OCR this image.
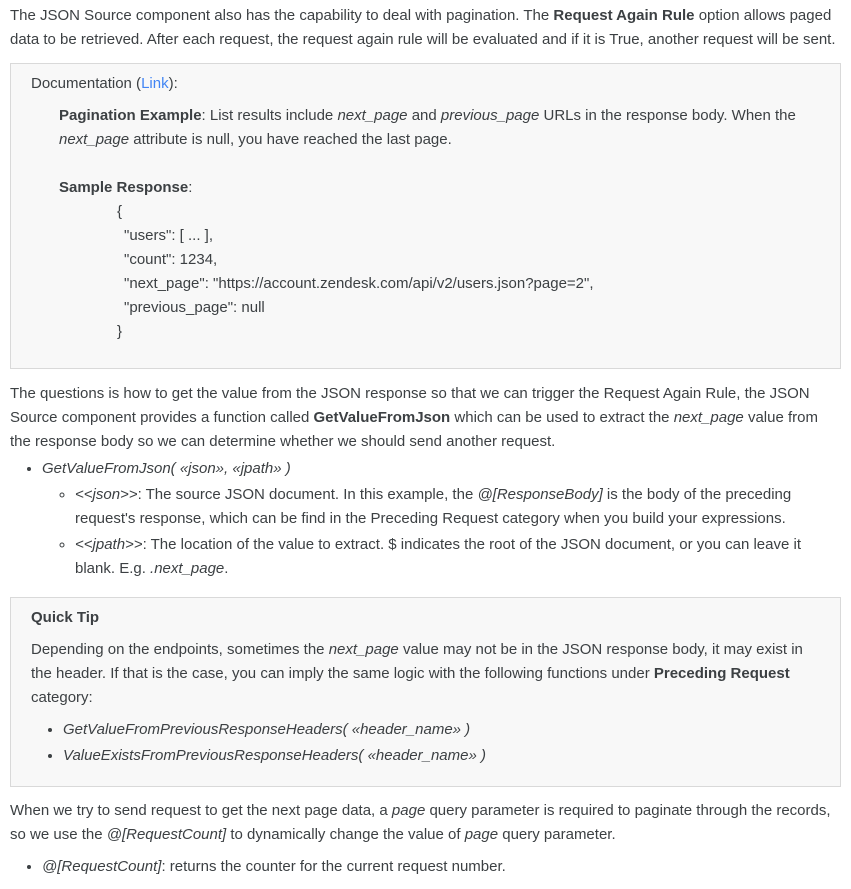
The JSON Source component also has the capability to deal with pagination. The Request Again Rule option allows paged data to be retrieved. After each request, the request again rule will be evaluated and if it is True, another request will be sent.

Documentation (Link):

Pagination Example: List results include next_page and previous_page URLs in the response body. When the next_page attribute is null, you have reached the last page.

Sample Response:

{
"users": [ ... ],
"count": 1234,
"next_page": "https://account.zendesk.com/api/v2/users.json?page=2",
"previous_page": null
}

The questions is how to get the value from the JSON response so that we can trigger the Request Again Rule, the JSON Source component provides a function called GetValueFromJson which can be used to extract the next_page value from the response body so we can determine whether we should send another request.

• GetValueFromJson( «json», «jpath» )
◦ <<json>>: The source JSON document. In this example, the @[ResponseBody] is the body of the preceding request's response, which can be find in the Preceding Request category when you build your expressions.
◦ <<jpath>>: The location of the value to extract. $ indicates the root of the JSON document, or you can leave it blank. E.g. .next_page.

Quick Tip

Depending on the endpoints, sometimes the next_page value may not be in the JSON response body, it may exist in the header. If that is the case, you can imply the same logic with the following functions under Preceding Request category:

• GetValueFromPreviousResponseHeaders( «header_name» )
• ValueExistsFromPreviousResponseHeaders( «header_name» )

When we try to send request to get the next page data, a page query parameter is required to paginate through the records, so we use the @[RequestCount] to dynamically change the value of page query parameter.

• @[RequestCount]: returns the counter for the current request number.
